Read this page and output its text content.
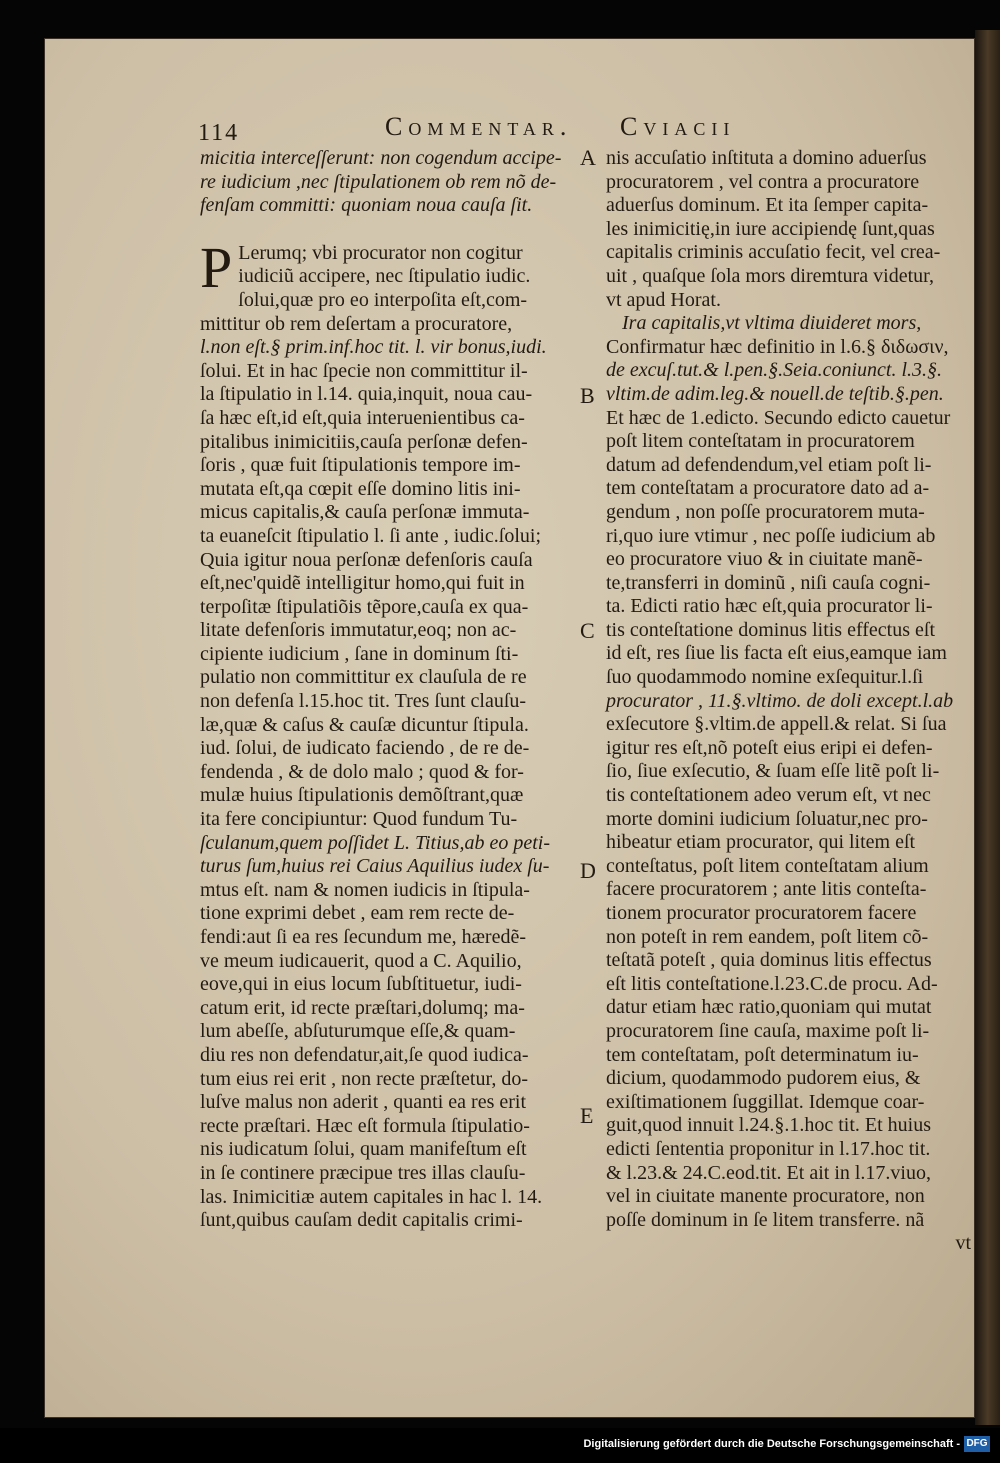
Commentar. Cviacii
114
micitia interceſſerunt: non cogendum accipe-
re iudicium ,nec ſtipulationem ob rem nõ de-
fenſam committi: quoniam noua cauſa ſit.
P Lerumq; vbi procurator non cogitur
iudiciũ accipere, nec ſtipulatio iudic.
ſolui,quæ pro eo interpoſita eſt,com-
mittitur ob rem deſertam a procuratore,
l.non eſt.§ prim.inf.hoc tit. l. vir bonus,iudi.
ſolui. Et in hac ſpecie non committitur il-
la ſtipulatio in l.14. quia,inquit, noua cau-
ſa hæc eſt,id eſt,quia interuenientibus ca-
pitalibus inimicitiis,cauſa perſonæ defen-
ſoris , quæ fuit ſtipulationis tempore im-
mutata eſt,qa cœpit eſſe domino litis ini-
micus capitalis,& cauſa perſonæ immuta-
ta euaneſcit ſtipulatio l. ſi ante , iudic.ſolui;
Quia igitur noua perſonæ defenſoris cauſa
eſt,nec'quidẽ intelligitur homo,qui fuit in
terpoſitæ ſtipulatiõis tẽpore,cauſa ex qua-
litate defenſoris immutatur,eoq; non ac-
cipiente iudicium , ſane in dominum ſti-
pulatio non committitur ex clauſula de re
non defenſa l.15.hoc tit. Tres ſunt clauſu-
læ,quæ & caſus & cauſæ dicuntur ſtipula.
iud. ſolui, de iudicato faciendo , de re de-
fendenda , & de dolo malo ; quod & for-
mulæ huius ſtipulationis demõſtrant,quæ
ita fere concipiuntur: Quod fundum Tu-
ſculanum,quem poſſidet L. Titius,ab eo peti-
turus ſum,huius rei Caius Aquilius iudex ſu-
mtus eſt. nam & nomen iudicis in ſtipula-
tione exprimi debet , eam rem recte de-
fendi:aut ſi ea res ſecundum me, hæredẽ-
ve meum iudicauerit, quod a C. Aquilio,
eove,qui in eius locum ſubſtituetur, iudi-
catum erit, id recte præſtari,dolumq; ma-
lum abeſſe, abſuturumque eſſe,& quam-
diu res non defendatur,ait,ſe quod iudica-
tum eius rei erit , non recte præſtetur, do-
luſve malus non aderit , quanti ea res erit
recte præſtari. Hæc eſt formula ſtipulatio-
nis iudicatum ſolui, quam manifeſtum eſt
in ſe continere præcipue tres illas clauſu-
las. Inimicitiæ autem capitales in hac l. 14.
ſunt,quibus cauſam dedit capitalis crimi-
nis accuſatio inſtituta a domino aduerſus
procuratorem , vel contra a procuratore
aduerſus dominum. Et ita ſemper capita-
les inimicitię,in iure accipiendę ſunt,quas
capitalis criminis accuſatio fecit, vel crea-
uit , quaſque ſola mors diremtura videtur,
vt apud Horat.
Ira capitalis,vt vltima diuideret mors,
Confirmatur hæc definitio in l.6.§ διδωσιν,
de excuſ.tut.& l.pen.§.Seia.coniunct. l.3.§.
vltim.de adim.leg.& nouell.de teſtib.§.pen.
Et hæc de 1.edicto. Secundo edicto cauetur
poſt litem conteſtatam in procuratorem
datum ad defendendum,vel etiam poſt li-
tem conteſtatam a procuratore dato ad a-
gendum , non poſſe procuratorem muta-
ri,quo iure vtimur , nec poſſe iudicium ab
eo procuratore viuo & in ciuitate manẽ-
te,transferri in dominũ , niſi cauſa cogni-
ta. Edicti ratio hæc eſt,quia procurator li-
tis conteſtatione dominus litis effectus eſt
id eſt, res ſiue lis facta eſt eius,eamque iam
ſuo quodammodo nomine exſequitur.l.ſi
procurator , 11.§.vltimo. de doli except.l.ab
exſecutore §.vltim.de appell.& relat. Si ſua
igitur res eſt,nõ poteſt eius eripi ei defen-
ſio, ſiue exſecutio, & ſuam eſſe litẽ poſt li-
tis conteſtationem adeo verum eſt, vt nec
morte domini iudicium ſoluatur,nec pro-
hibeatur etiam procurator, qui litem eſt
conteſtatus, poſt litem conteſtatam alium
facere procuratorem ; ante litis conteſta-
tionem procurator procuratorem facere
non poteſt in rem eandem, poſt litem cõ-
teſtatã poteſt , quia dominus litis effectus
eſt litis conteſtatione.l.23.C.de procu. Ad-
datur etiam hæc ratio,quoniam qui mutat
procuratorem ſine cauſa, maxime poſt li-
tem conteſtatam, poſt determinatum iu-
dicium, quodammodo pudorem eius, &
exiſtimationem ſuggillat. Idemque coar-
guit,quod innuit l.24.§.1.hoc tit. Et huius
edicti ſententia proponitur in l.17.hoc tit.
& l.23.& 24.C.eod.tit. Et ait in l.17.viuo,
vel in ciuitate manente procuratore, non
poſſe dominum in ſe litem transferre. nã
vt
A
B
C
D
E
Digitalisierung gefördert durch die Deutsche Forschungsgemeinschaft - DFG
